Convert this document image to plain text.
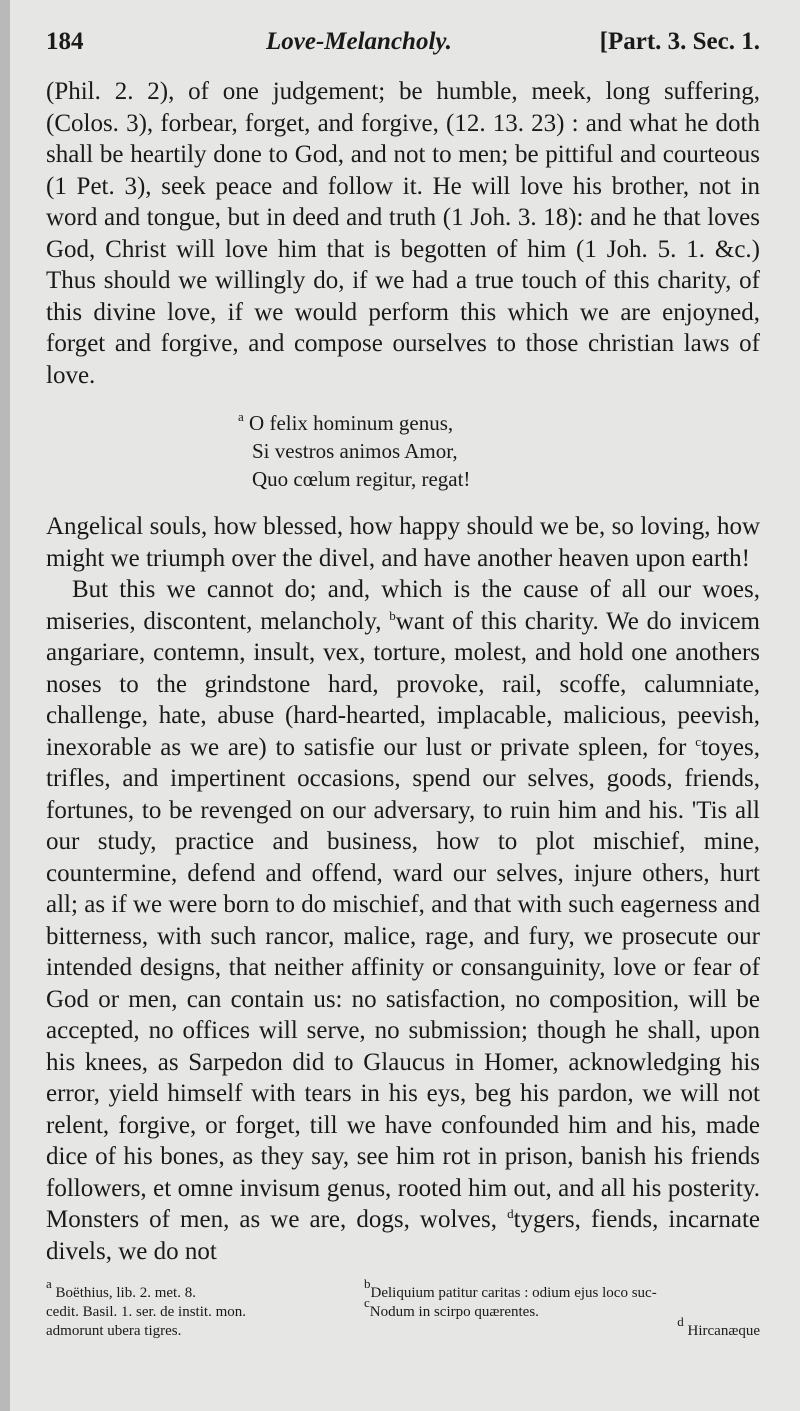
184	Love-Melancholy.	[Part. 3. Sec. 1.

(Phil. 2. 2), of one judgement; be humble, meek, long suffering, (Colos. 3), forbear, forget, and forgive, (12. 13. 23) : and what he doth shall be heartily done to God, and not to men; be pittiful and courteous (1 Pet. 3), seek peace and follow it. He will love his brother, not in word and tongue, but in deed and truth (1 Joh. 3. 18): and he that loves God, Christ will love him that is begotten of him (1 Joh. 5. 1. &c.) Thus should we willingly do, if we had a true touch of this charity, of this divine love, if we would perform this which we are enjoyned, forget and forgive, and compose ourselves to those christian laws of love.

$^a$ O felix hominum genus,
Si vestros animos Amor,
Quo cœlum regitur, regat!

Angelical souls, how blessed, how happy should we be, so loving, how might we triumph over the divel, and have another heaven upon earth!

But this we cannot do; and, which is the cause of all our woes, miseries, discontent, melancholy, $^b$want of this charity. We do invicem angariare, contemn, insult, vex, torture, molest, and hold one anothers noses to the grindstone hard, provoke, rail, scoffe, calumniate, challenge, hate, abuse (hard-hearted, implacable, malicious, peevish, inexorable as we are) to satisfie our lust or private spleen, for $^c$toyes, trifles, and impertinent occasions, spend our selves, goods, friends, fortunes, to be revenged on our adversary, to ruin him and his. 'Tis all our study, practice and business, how to plot mischief, mine, countermine, defend and offend, ward our selves, injure others, hurt all; as if we were born to do mischief, and that with such eagerness and bitterness, with such rancor, malice, rage, and fury, we prosecute our intended designs, that neither affinity or consanguinity, love or fear of God or men, can contain us: no satisfaction, no composition, will be accepted, no offices will serve, no submission; though he shall, upon his knees, as Sarpedon did to Glaucus in Homer, acknowledging his error, yield himself with tears in his eys, beg his pardon, we will not relent, forgive, or forget, till we have confounded him and his, made dice of his bones, as they say, see him rot in prison, banish his friends followers, et omne invisum genus, rooted him out, and all his posterity. Monsters of men, as we are, dogs, wolves, $^d$tygers, fiends, incarnate divels, we do not

$^a$ Boëthius, lib. 2. met. 8.
cedit. Basil. 1. ser. de instit. mon.
admorunt ubera tigres.
$^b$Deliquium patitur caritas : odium ejus loco suc-
$^c$Nodum in scirpo quærentes.
$^d$ Hircanæque
